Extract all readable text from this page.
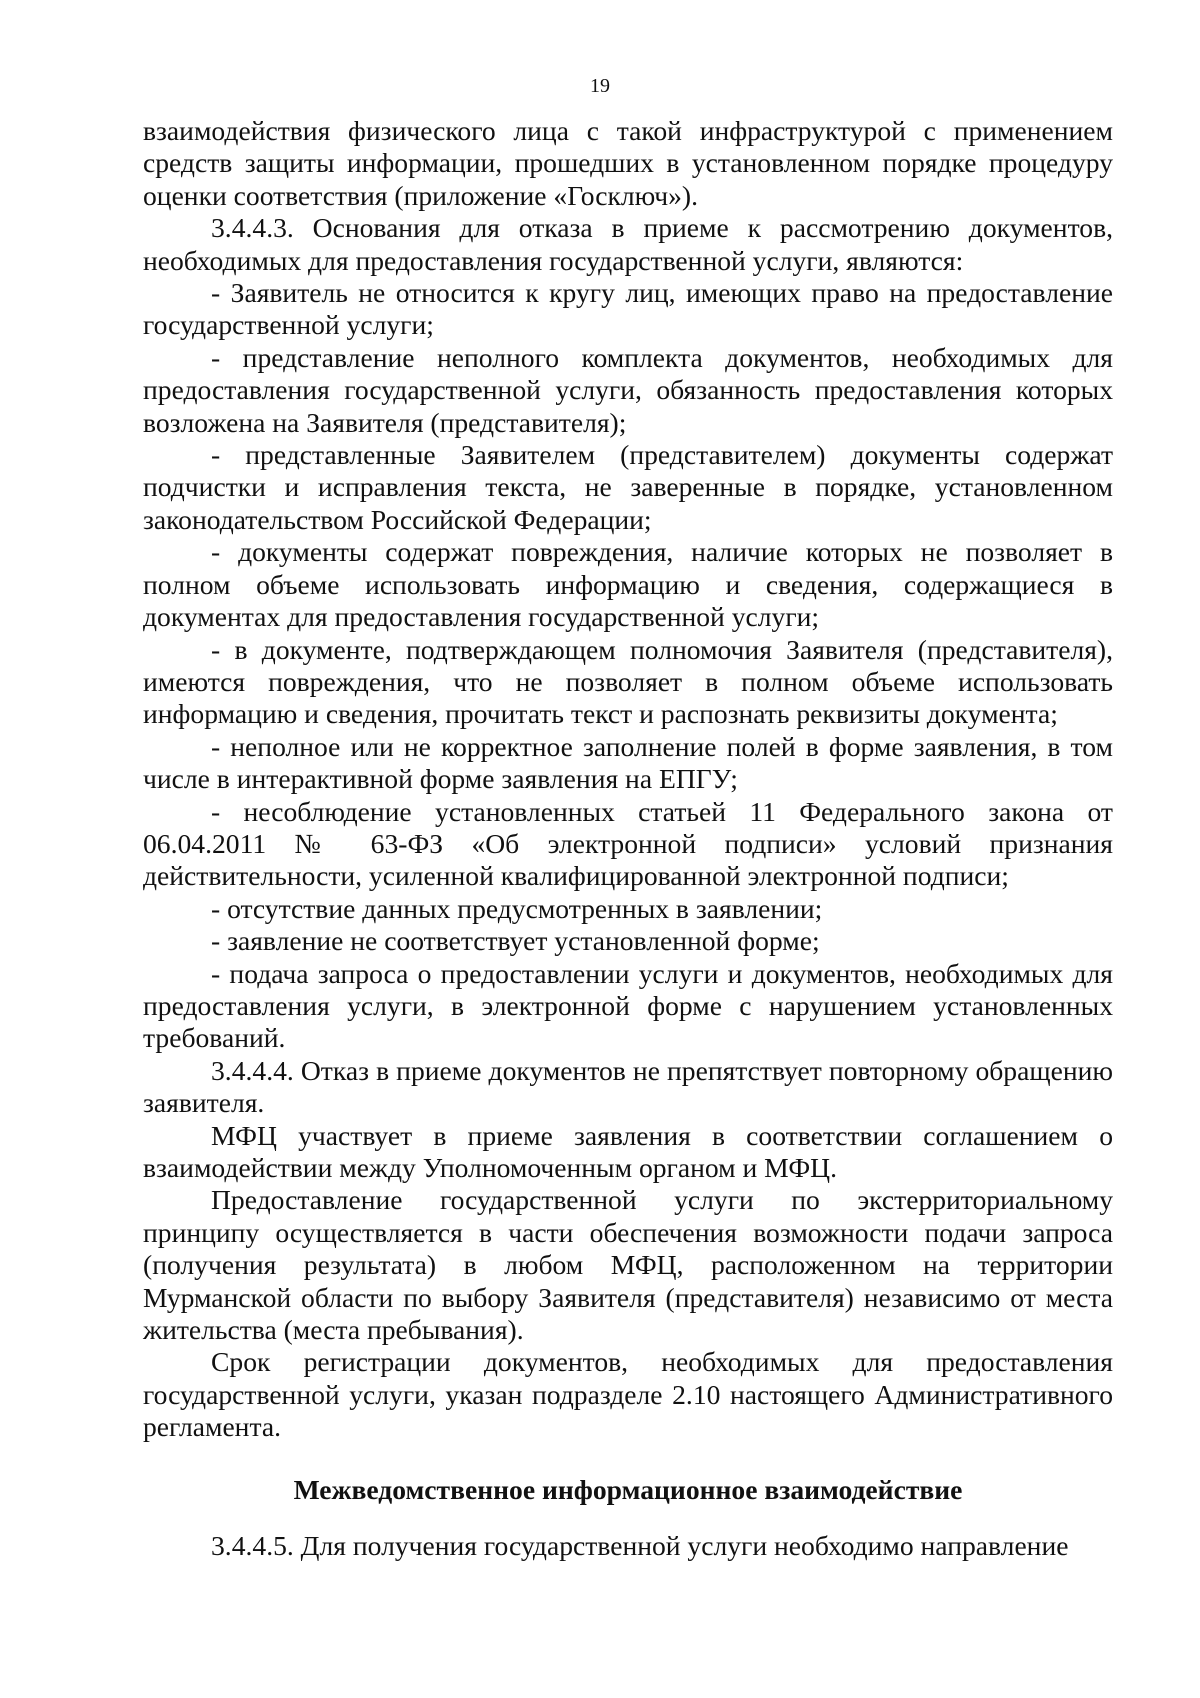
19

взаимодействия физического лица с такой инфраструктурой с применением средств защиты информации, прошедших в установленном порядке процедуру оценки соответствия (приложение «Госключ»).

3.4.4.3. Основания для отказа в приеме к рассмотрению документов, необходимых для предоставления государственной услуги, являются:

- Заявитель не относится к кругу лиц, имеющих право на предоставление государственной услуги;

- представление неполного комплекта документов, необходимых для предоставления государственной услуги, обязанность предоставления которых возложена на Заявителя (представителя);

- представленные Заявителем (представителем) документы содержат подчистки и исправления текста, не заверенные в порядке, установленном законодательством Российской Федерации;

- документы содержат повреждения, наличие которых не позволяет в полном объеме использовать информацию и сведения, содержащиеся в документах для предоставления государственной услуги;

- в документе, подтверждающем полномочия Заявителя (представителя), имеются повреждения, что не позволяет в полном объеме использовать информацию и сведения, прочитать текст и распознать реквизиты документа;

- неполное или не корректное заполнение полей в форме заявления, в том числе в интерактивной форме заявления на ЕПГУ;

- несоблюдение установленных статьей 11 Федерального закона от 06.04.2011 № 63-ФЗ «Об электронной подписи» условий признания действительности, усиленной квалифицированной электронной подписи;

- отсутствие данных предусмотренных в заявлении;

- заявление не соответствует установленной форме;

- подача запроса о предоставлении услуги и документов, необходимых для предоставления услуги, в электронной форме с нарушением установленных требований.

3.4.4.4. Отказ в приеме документов не препятствует повторному обращению заявителя.

МФЦ участвует в приеме заявления в соответствии соглашением о взаимодействии между Уполномоченным органом и МФЦ.

Предоставление государственной услуги по экстерриториальному принципу осуществляется в части обеспечения возможности подачи запроса (получения результата) в любом МФЦ, расположенном на территории Мурманской области по выбору Заявителя (представителя) независимо от места жительства (места пребывания).

Срок регистрации документов, необходимых для предоставления государственной услуги, указан подразделе 2.10 настоящего Административного регламента.

Межведомственное информационное взаимодействие

3.4.4.5. Для получения государственной услуги необходимо направление
